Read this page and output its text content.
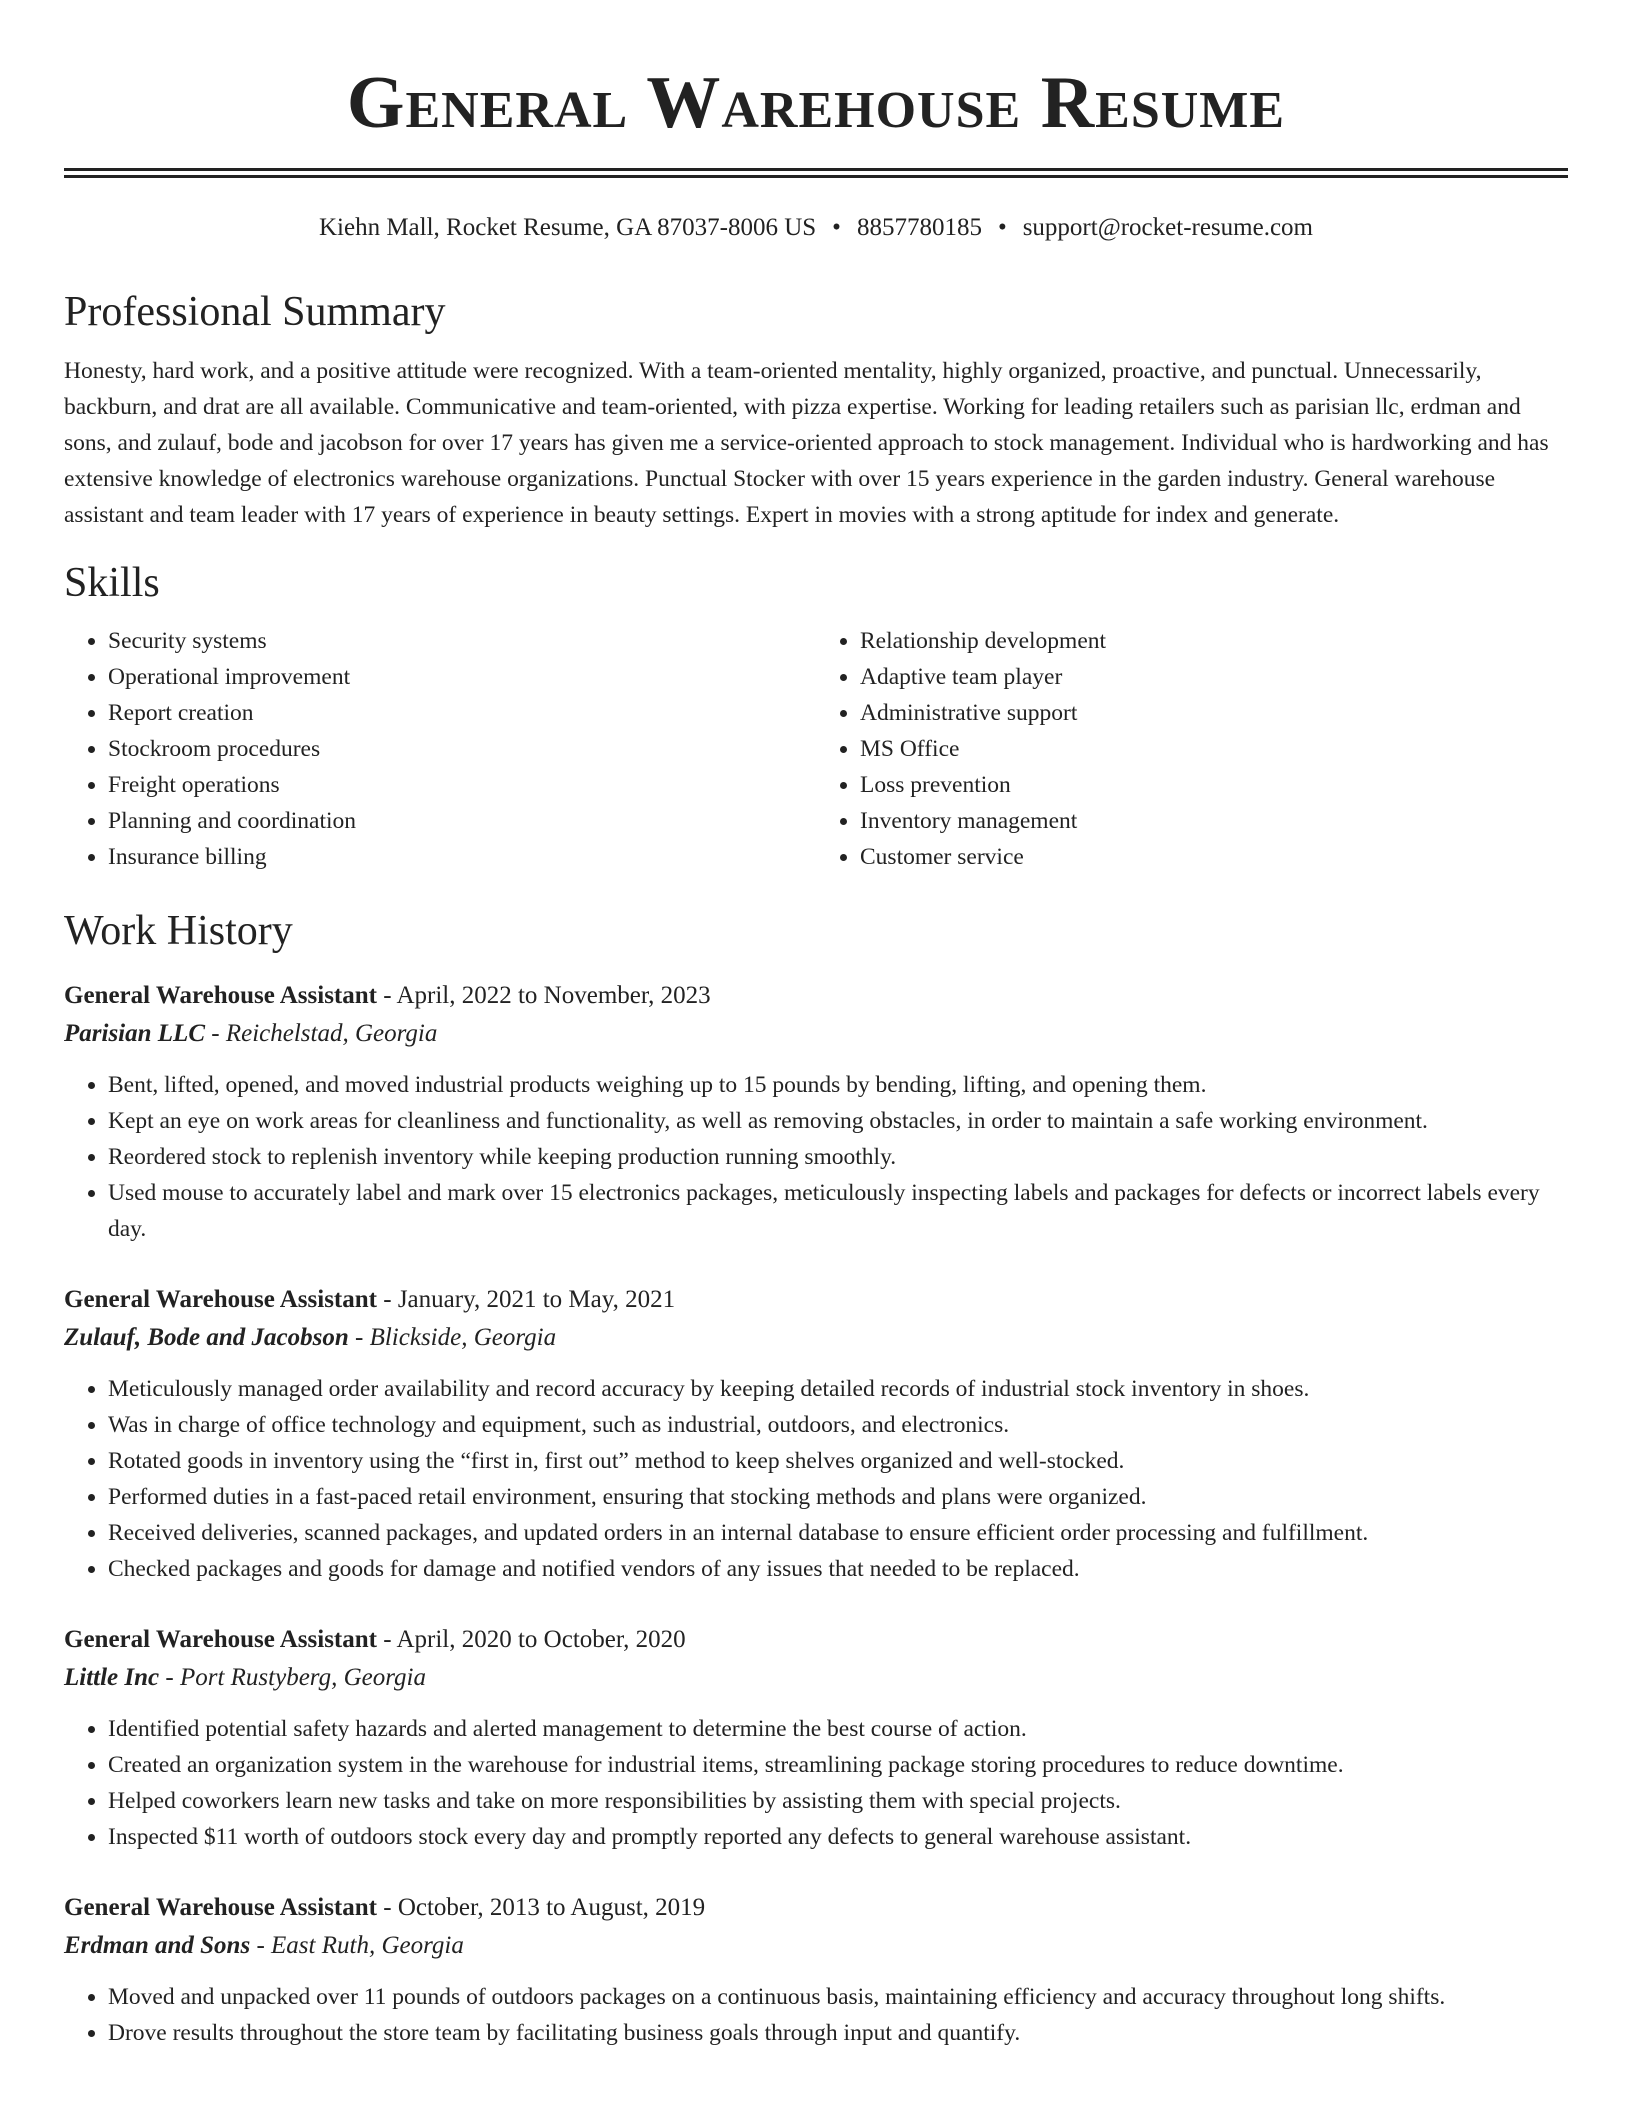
General Warehouse Resume
Kiehn Mall, Rocket Resume, GA 87037-8006 US • 8857780185 • support@rocket-resume.com
Professional Summary

Honesty, hard work, and a positive attitude were recognized. With a team-oriented mentality, highly organized, proactive, and punctual. Unnecessarily, backburn, and drat are all available. Communicative and team-oriented, with pizza expertise. Working for leading retailers such as parisian llc, erdman and sons, and zulauf, bode and jacobson for over 17 years has given me a service-oriented approach to stock management. Individual who is hardworking and has extensive knowledge of electronics warehouse organizations. Punctual Stocker with over 15 years experience in the garden industry. General warehouse assistant and team leader with 17 years of experience in beauty settings. Expert in movies with a strong aptitude for index and generate.

Skills
• Security systems
• Operational improvement
• Report creation
• Stockroom procedures
• Freight operations
• Planning and coordination
• Insurance billing
• Relationship development
• Adaptive team player
• Administrative support
• MS Office
• Loss prevention
• Inventory management
• Customer service
Work History
General Warehouse Assistant - April, 2022 to November, 2023
Parisian LLC - Reichelstad, Georgia
• Bent, lifted, opened, and moved industrial products weighing up to 15 pounds by bending, lifting, and opening them.
• Kept an eye on work areas for cleanliness and functionality, as well as removing obstacles, in order to maintain a safe working environment.
• Reordered stock to replenish inventory while keeping production running smoothly.
• Used mouse to accurately label and mark over 15 electronics packages, meticulously inspecting labels and packages for defects or incorrect labels every day.
General Warehouse Assistant - January, 2021 to May, 2021
Zulauf, Bode and Jacobson - Blickside, Georgia
• Meticulously managed order availability and record accuracy by keeping detailed records of industrial stock inventory in shoes.
• Was in charge of office technology and equipment, such as industrial, outdoors, and electronics.
• Rotated goods in inventory using the “first in, first out” method to keep shelves organized and well-stocked.
• Performed duties in a fast-paced retail environment, ensuring that stocking methods and plans were organized.
• Received deliveries, scanned packages, and updated orders in an internal database to ensure efficient order processing and fulfillment.
• Checked packages and goods for damage and notified vendors of any issues that needed to be replaced.
General Warehouse Assistant - April, 2020 to October, 2020
Little Inc - Port Rustyberg, Georgia
• Identified potential safety hazards and alerted management to determine the best course of action.
• Created an organization system in the warehouse for industrial items, streamlining package storing procedures to reduce downtime.
• Helped coworkers learn new tasks and take on more responsibilities by assisting them with special projects.
• Inspected $11 worth of outdoors stock every day and promptly reported any defects to general warehouse assistant.
General Warehouse Assistant - October, 2013 to August, 2019
Erdman and Sons - East Ruth, Georgia
• Moved and unpacked over 11 pounds of outdoors packages on a continuous basis, maintaining efficiency and accuracy throughout long shifts.
• Drove results throughout the store team by facilitating business goals through input and quantify.
